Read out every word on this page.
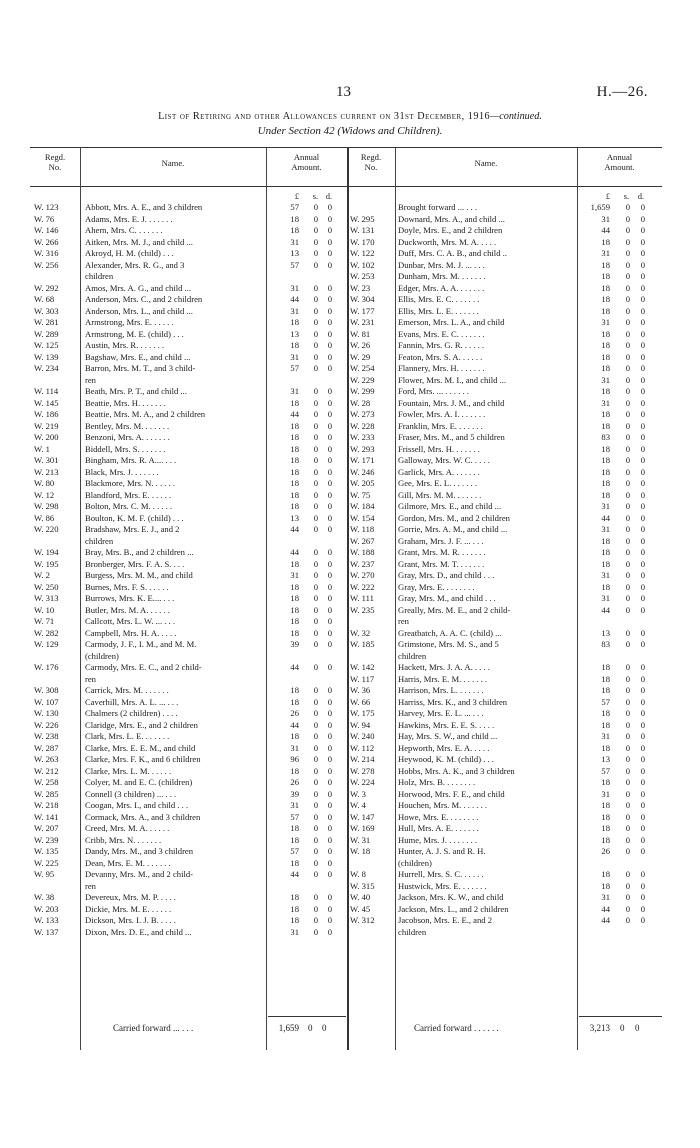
13	H.—26.
List of Retiring and other Allowances current on 31st December, 1916—continued.
Under Section 42 (Widows and Children).
Regd.
No.	Name.
Annual
Amount.
Regd.
No.	Name.
Annual
Amount.
£	s. d.	£	s.	d.
W. 123	Abbott, Mrs. A. E., and 3 children	57	0	0
W. 76	Adams, Mrs. E. J. . . . . . .	18	0	0
W. 146	Ahern, Mrs. C. . . . . . .	18	0	0
W. 266	Aitken, Mrs. M. J., and child ...	31	0	0
W. 316	Akroyd, H. M. (child) . . .	13	0	0
W. 256	Alexander, Mrs. R. G., and 3	57	0	0
children
W. 292	Amos, Mrs. A. G., and child ...	31	0	0
W. 68	Anderson, Mrs. C., and 2 children	44	0	0
W. 303	Anderson, Mrs. L., and child ...	31	0	0
W. 281	Armstrong, Mrs. E. . . . . .	18	0	0
W. 289	Armstrong, M. E. (child) . . .	13	0	0
W. 125	Austin, Mrs. R. . . . . . .	18	0	0
W. 139	Bagshaw, Mrs. E., and child ...	31	0	0
W. 234	Barron, Mrs. M. T., and 3 child-	57	0	0
ren
W. 114	Beath, Mrs. P. T., and child ...	31	0	0
W. 145	Beattie, Mrs. H. . . . . . .	18	0	0
W. 186	Beattie, Mrs. M. A., and 2 children	44	0	0
W. 219	Bentley, Mrs. M. . . . . . .	18	0	0
W. 200	Benzoni, Mrs. A. . . . . . .	18	0	0
W. 1	Biddell, Mrs. S. . . . . . .	18	0	0
W. 301	Bingham, Mrs. R. A.... . . .	18	0	0
W. 213	Black, Mrs. J. . . . . . .	18	0	0
W. 80	Blackmore, Mrs. N. . . . . .	18	0	0
W. 12	Blandford, Mrs. E. . . . . .	18	0	0
W. 298	Bolton, Mrs. C. M. . . . . .	18	0	0
W. 86	Boulton, K. M. F. (child) . . .	13	0	0
W. 220	Bradshaw, Mrs. E. J., and 2	44	0	0
children
W. 194	Bray, Mrs. B., and 2 children ...	44	0	0
W. 195	Bronberger, Mrs. F. A. S. . . .	18	0	0
W. 2	Burgess, Mrs. M. M., and child	31	0	0
W. 250	Burnes, Mrs. F. S. . . . . .	18	0	0
W. 313	Burrows, Mrs. K. E.... . . .	18	0	0
W. 10	Butler, Mrs. M. A. . . . . .	18	0	0
W. 71	Callcott, Mrs. L. W. ... . . .	18	0	0
W. 282	Campbell, Mrs. H. A. . . . .	18	0	0
W. 129	Carmody, J. F., I. M., and M. M.	39	0	0
(children)
W. 176	Carmody, Mrs. E. C., and 2 child-	44	0	0
ren
W. 308	Carrick, Mrs. M. . . . . . .	18	0	0
W. 107	Caverhill, Mrs. A. L. ... . . .	18	0	0
W. 130	Chalmers (2 children) . . . .	26	0	0
W. 226	Claridge, Mrs. E., and 2 children	44	0	0
W. 238	Clark, Mrs. L. E. . . . . . .	18	0	0
W. 287	Clarke, Mrs. E. E. M., and child	31	0	0
W. 263	Clarke, Mrs. F. K., and 6 children	96	0	0
W. 212	Clarke, Mrs. L. M. . . . . .	18	0	0
W. 258	Colyer, M. and E. C. (children)	26	0	0
W. 285	Connell (3 children) ... . . .	39	0	0
W. 218	Coogan, Mrs. I., and child . . .	31	0	0
W. 141	Cormack, Mrs. A., and 3 children	57	0	0
W. 207	Creed, Mrs. M. A. . . . . .	18	0	0
W. 239	Cribb, Mrs. N. . . . . . .	18	0	0
W. 135	Dandy, Mrs. M., and 3 children	57	0	0
W. 225	Dean, Mrs. E. M. . . . . . .	18	0	0
W. 95	Devanny, Mrs. M., and 2 child-	44	0	0
ren
W. 38	Devereux, Mrs. M. P. . . . .	18	0	0
W. 203	Dickie, Mrs. M. E. . . . . .	18	0	0
W. 133	Dickson, Mrs. I. J. B. . . . .	18	0	0
W. 137	Dixon, Mrs. D. E., and child ...	31	0	0
Brought forward ... . . .	1,659	0	0
W. 295	Downard, Mrs. A., and child ...	31	0	0
W. 131	Doyle, Mrs. E., and 2 children	44	0	0
W. 170	Duckworth, Mrs. M. A. . . . .	18	0	0
W. 122	Duff, Mrs. C. A. B., and child ..	31	0	0
W. 102	Dunbar, Mrs. M. J. ... . . .	18	0	0
W. 253	Dunham, Mrs. M. . . . . . .	18	0	0
W. 23	Edger, Mrs. A. A. . . . . . .	18	0	0
W. 304	Ellis, Mrs. E. C. . . . . . .	18	0	0
W. 177	Ellis, Mrs. L. E. . . . . . .	18	0	0
W. 231	Emerson, Mrs. L. A., and child	31	0	0
W. 81	Evans, Mrs. E. C. . . . . . .	18	0	0
W. 26	Fannin, Mrs. G. R. . . . . .	18	0	0
W. 29	Featon, Mrs. S. A. . . . . .	18	0	0
W. 254	Flannery, Mrs. H. . . . . . .	18	0	0
W. 229	Flower, Mrs. M. I., and child ...	31	0	0
W. 299	Ford, Mrs. ... . . . . . .	18	0	0
W. 28	Fountain, Mrs. J. M., and child	31	0	0
W. 273	Fowler, Mrs. A. I. . . . . . .	18	0	0
W. 228	Franklin, Mrs. E. . . . . . .	18	0	0
W. 233	Fraser, Mrs. M., and 5 children	83	0	0
W. 293	Frissell, Mrs. H. . . . . . .	18	0	0
W. 171	Galloway, Mrs. W. C. . . . .	18	0	0
W. 246	Garlick, Mrs. A. . . . . . .	18	0	0
W. 205	Gee, Mrs. E. L. . . . . . .	18	0	0
W. 75	Gill, Mrs. M. M. . . . . . .	18	0	0
W. 184	Gilmore, Mrs. E., and child ...	31	0	0
W. 154	Gordon, Mrs. M., and 2 children	44	0	0
W. 118	Gorrie, Mrs. A. M., and child ...	31	0	0
W. 267	Graham, Mrs. J. F. ... . . .	18	0	0
W. 188	Grant, Mrs. M. R. . . . . . .	18	0	0
W. 237	Grant, Mrs. M. T. . . . . . .	18	0	0
W. 270	Gray, Mrs. D., and child . . .	31	0	0
W. 222	Gray, Mrs. E. . . . . . . .	18	0	0
W. 111	Gray, Mrs. M., and child . . .	31	0	0
W. 235	Greally, Mrs. M. E., and 2 child-	44	0	0
ren
W. 32	Greatbatch, A. A. C. (child) ...	13	0	0
W. 185	Grimstone, Mrs. M. S., and 5	83	0	0
children
W. 142	Hackett, Mrs. J. A. A. . . . .	18	0	0
W. 117	Harris, Mrs. E. M. . . . . . .	18	0	0
W. 36	Harrison, Mrs. L. . . . . . .	18	0	0
W. 66	Harriss, Mrs. K., and 3 children	57	0	0
W. 175	Harvey, Mrs. E. L. ... . . .	18	0	0
W. 94	Hawkins, Mrs. E. E. S. . . . .	18	0	0
W. 240	Hay, Mrs. S. W., and child ...	31	0	0
W. 112	Hepworth, Mrs. E. A. . . . .	18	0	0
W. 214	Heywood, K. M. (child) . . .	13	0	0
W. 278	Hobbs, Mrs. A. K., and 3 children	57	0	0
W. 224	Holz, Mrs. B. . . . . . . .	18	0	0
W. 3	Horwood, Mrs. F. E., and child	31	0	0
W. 4	Houchen, Mrs. M. . . . . . .	18	0	0
W. 147	Howe, Mrs. E. . . . . . . .	18	0	0
W. 169	Hull, Mrs. A. E. . . . . . .	18	0	0
W. 31	Hume, Mrs. J. . . . . . . .	18	0	0
W. 18	Hunter, A. J. S. and R. H.	26	0	0
(children)
W. 8	Hurrell, Mrs. S. C. . . . . .	18	0	0
W. 315	Hustwick, Mrs. E. . . . . . .	18	0	0
W. 40	Jackson, Mrs. K. W., and child	31	0	0
W. 45	Jackson, Mrs. L., and 2 children	44	0	0
W. 312	Jacobson, Mrs. E. E., and 2	44	0	0
children
Carried forward ... . . .	1,659 0 0	Carried forward . . . . . .	3,213 0 0
